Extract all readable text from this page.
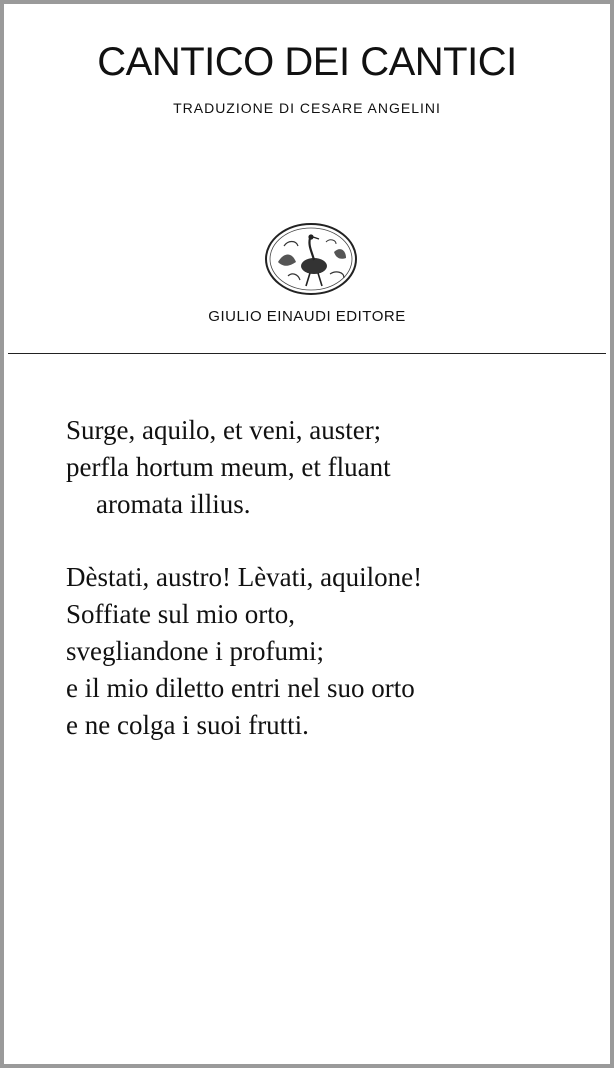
CANTICO DEI CANTICI
TRADUZIONE DI CESARE ANGELINI
GIULIO EINAUDI EDITORE
Surge, aquilo, et veni, auster;
perfla hortum meum, et fluant
aromata illius.
Dèstati, austro! Lèvati, aquilone!
Soffiate sul mio orto,
svegliandone i profumi;
e il mio diletto entri nel suo orto
e ne colga i suoi frutti.
